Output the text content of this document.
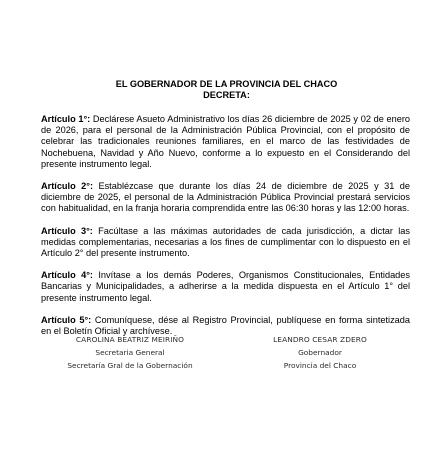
EL GOBERNADOR DE LA PROVINCIA DEL CHACO
DECRETA:

Artículo 1°: Declárese Asueto Administrativo los días 26 diciembre de 2025 y 02 de enero de 2026, para el personal de la Administración Pública Provincial, con el propósito de celebrar las tradicionales reuniones familiares, en el marco de las festividades de Nochebuena, Navidad y Año Nuevo, conforme a lo expuesto en el Considerando del presente instrumento legal.

Artículo 2°: Establézcase que durante los días 24 de diciembre de 2025 y 31 de diciembre de 2025, el personal de la Administración Pública Provincial prestará servicios con habitualidad, en la franja horaria comprendida entre las 06:30 horas y las 12:00 horas.

Artículo 3°: Facúltase a las máximas autoridades de cada jurisdicción, a dictar las medidas complementarias, necesarias a los fines de cumplimentar con lo dispuesto en el Artículo 2° del presente instrumento.

Artículo 4°: Invítase a los demás Poderes, Organismos Constitucionales, Entidades Bancarias y Municipalidades, a adherirse a la medida dispuesta en el Artículo 1° del presente instrumento legal.

Artículo 5°: Comuníquese, dése al Registro Provincial, publíquese en forma sintetizada en el Boletín Oficial y archívese.

CAROLINA BEATRIZ MEIRIÑO
Secretaria General
Secretaría Gral de la Gobernación
LEANDRO CESAR ZDERO
Gobernador
Provincia del Chaco
